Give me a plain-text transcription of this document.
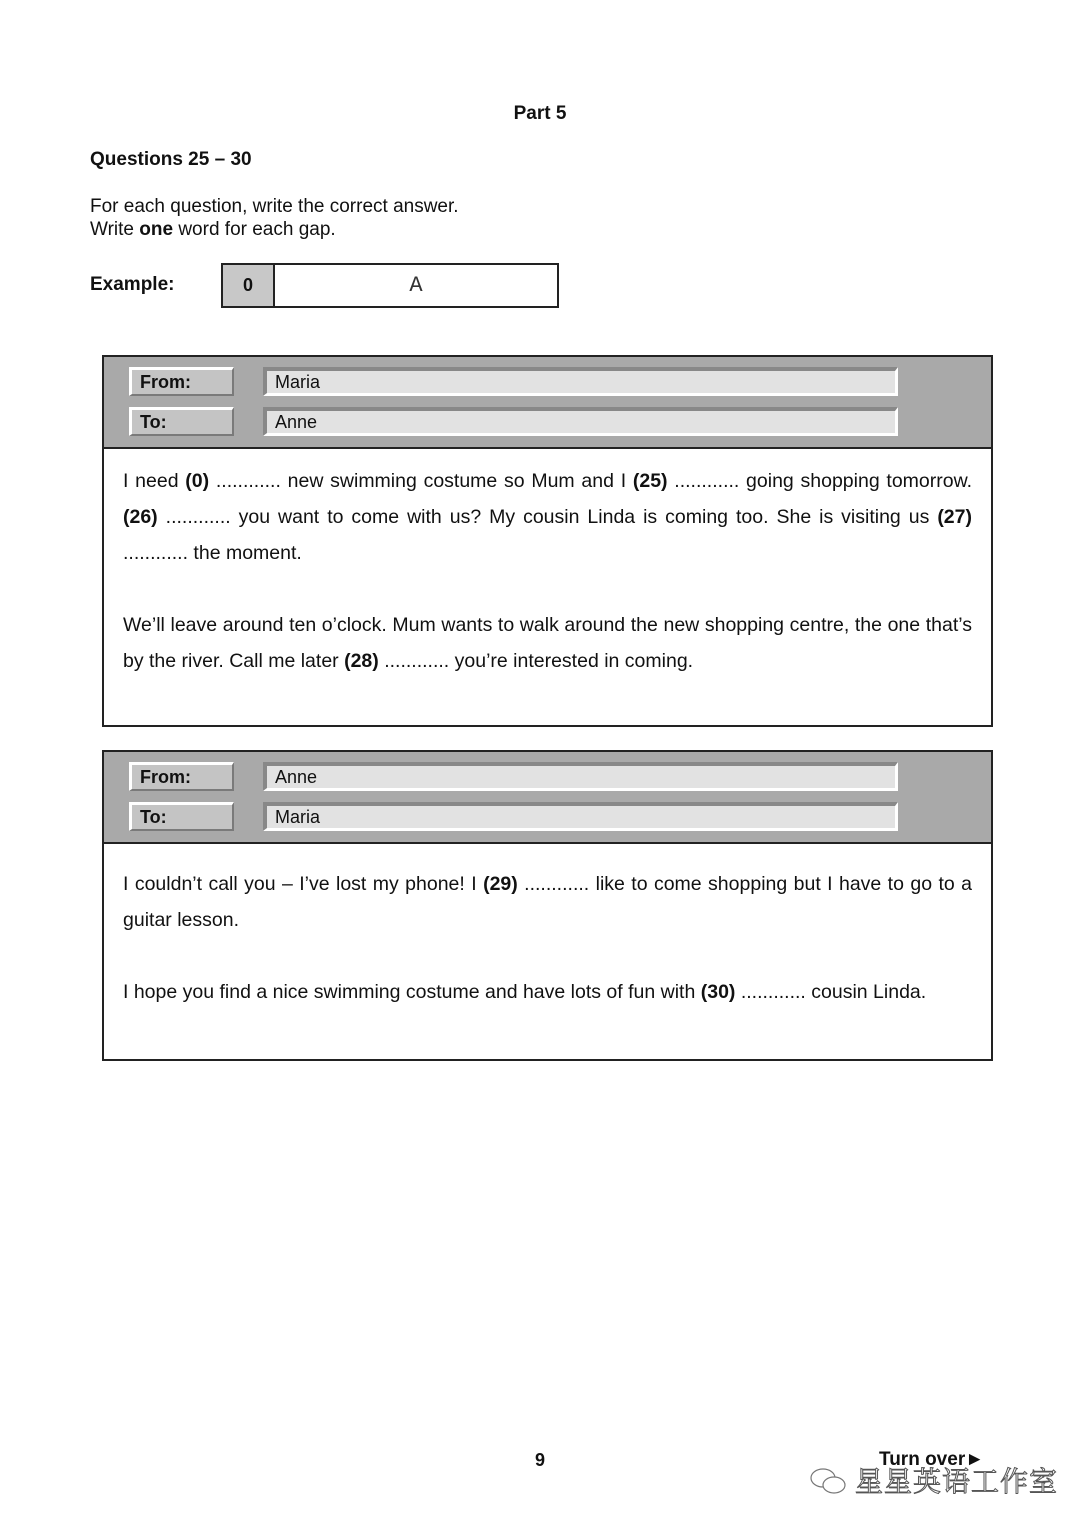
Part 5
Questions 25 – 30
For each question, write the correct answer.
Write one word for each gap.
Example:	0	A
From:	Maria
To:	Anne

I need (0) ............ new swimming costume so Mum and I (25) ............ going shopping tomorrow. (26) ............ you want to come with us? My cousin Linda is coming too. She is visiting us (27) ............ the moment.

We’ll leave around ten o’clock. Mum wants to walk around the new shopping centre, the one that’s by the river. Call me later (28) ............ you’re interested in coming.

From:	Anne
To:	Maria

I couldn’t call you – I’ve lost my phone! I (29) ............ like to come shopping but I have to go to a guitar lesson.

I hope you find a nice swimming costume and have lots of fun with (30) ............ cousin Linda.

9	Turn over►
星星英语工作室
